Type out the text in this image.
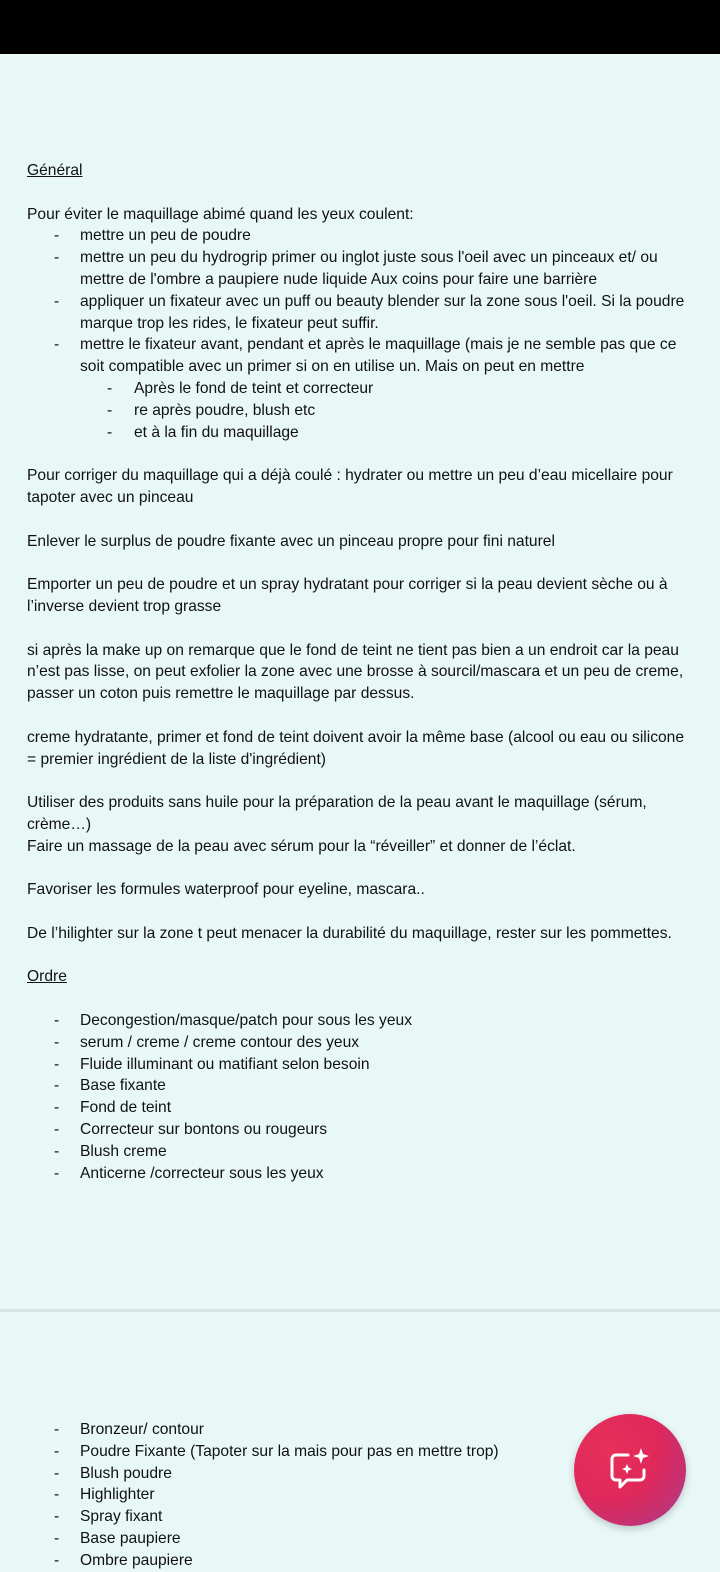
Général

Pour éviter le maquillage abimé quand les yeux coulent:

- mettre un peu de poudre
- mettre un peu du hydrogrip primer ou inglot juste sous l'oeil avec un pinceaux et/ ou mettre de l'ombre a paupiere nude liquide Aux coins pour faire une barrière
- appliquer un fixateur avec un puff ou beauty blender sur la zone sous l'oeil. Si la poudre marque trop les rides, le fixateur peut suffir.
- mettre le fixateur avant, pendant et après le maquillage (mais je ne semble pas que ce soit compatible avec un primer si on en utilise un. Mais on peut en mettre
- Après le fond de teint et correcteur
- re après poudre, blush etc
- et à la fin du maquillage

Pour corriger du maquillage qui a déjà coulé : hydrater ou mettre un peu d’eau micellaire pour tapoter avec un pinceau

Enlever le surplus de poudre fixante avec un pinceau propre pour fini naturel

Emporter un peu de poudre et un spray hydratant pour corriger si la peau devient sèche ou à l’inverse devient trop grasse

si après la make up on remarque que le fond de teint ne tient pas bien a un endroit car la peau n’est pas lisse, on peut exfolier la zone avec une brosse à sourcil/mascara et un peu de creme, passer un coton puis remettre le maquillage par dessus.

creme hydratante, primer et fond de teint doivent avoir la même base (alcool ou eau ou silicone = premier ingrédient de la liste d'ingrédient)

Utiliser des produits sans huile pour la préparation de la peau avant le maquillage (sérum, crème…)

Faire un massage de la peau avec sérum pour la “réveiller” et donner de l’éclat.

Favoriser les formules waterproof pour eyeline, mascara..

De l’hilighter sur la zone t peut menacer la durabilité du maquillage, rester sur les pommettes.

Ordre

- Decongestion/masque/patch pour sous les yeux
- serum / creme / creme contour des yeux
- Fluide illuminant ou matifiant selon besoin
- Base fixante
- Fond de teint
- Correcteur sur bontons ou rougeurs
- Blush creme
- Anticerne /correcteur sous les yeux
- Bronzeur/ contour
- Poudre Fixante (Tapoter sur la mais pour pas en mettre trop)
- Blush poudre
- Highlighter
- Spray fixant
- Base paupiere
- Ombre paupiere
